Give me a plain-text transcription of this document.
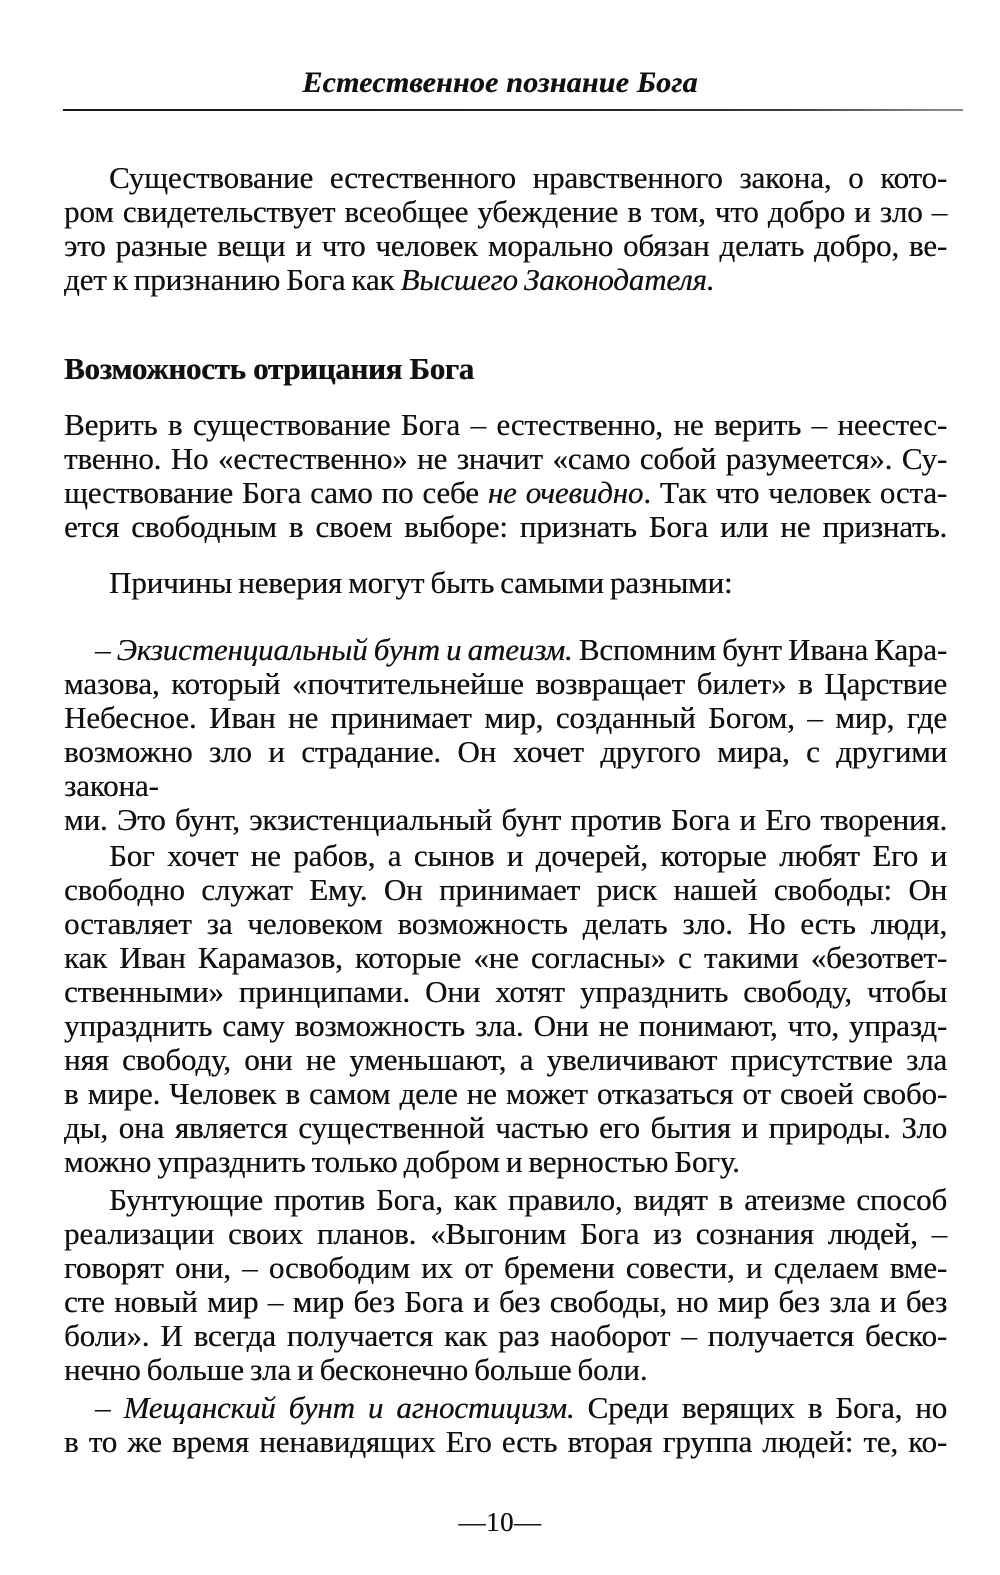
Естественное познание Бога
Существование естественного нравственного закона, о кото-
ром свидетельствует всеобщее убеждение в том, что добро и зло –
это разные вещи и что человек морально обязан делать добро, ве-
дет к признанию Бога как Высшего Законодателя.
Возможность отрицания Бога
Верить в существование Бога – естественно, не верить – неестес-
твенно. Но «естественно» не значит «само собой разумеется». Су-
ществование Бога само по себе не очевидно. Так что человек оста-
ется свободным в своем выборе: признать Бога или не признать.
Причины неверия могут быть самыми разными:
– Экзистенциальный бунт и атеизм. Вспомним бунт Ивана Кара-
мазова, который «почтительнейше возвращает билет» в Царствие
Небесное. Иван не принимает мир, созданный Богом, – мир, где
возможно зло и страдание. Он хочет другого мира, с другими закона-
ми. Это бунт, экзистенциальный бунт против Бога и Его творения.
Бог хочет не рабов, а сынов и дочерей, которые любят Его и
свободно служат Ему. Он принимает риск нашей свободы: Он
оставляет за человеком возможность делать зло. Но есть люди,
как Иван Карамазов, которые «не согласны» с такими «безответ-
ственными» принципами. Они хотят упразднить свободу, чтобы
упразднить саму возможность зла. Они не понимают, что, упразд-
няя свободу, они не уменьшают, а увеличивают присутствие зла
в мире. Человек в самом деле не может отказаться от своей свобо-
ды, она является существенной частью его бытия и природы. Зло
можно упразднить только добром и верностью Богу.
Бунтующие против Бога, как правило, видят в атеизме способ
реализации своих планов. «Выгоним Бога из сознания людей, –
говорят они, – освободим их от бремени совести, и сделаем вме-
сте новый мир – мир без Бога и без свободы, но мир без зла и без
боли». И всегда получается как раз наоборот – получается беско-
нечно больше зла и бесконечно больше боли.
– Мещанский бунт и агностицизм. Среди верящих в Бога, но
в то же время ненавидящих Его есть вторая группа людей: те, ко-
—10—
